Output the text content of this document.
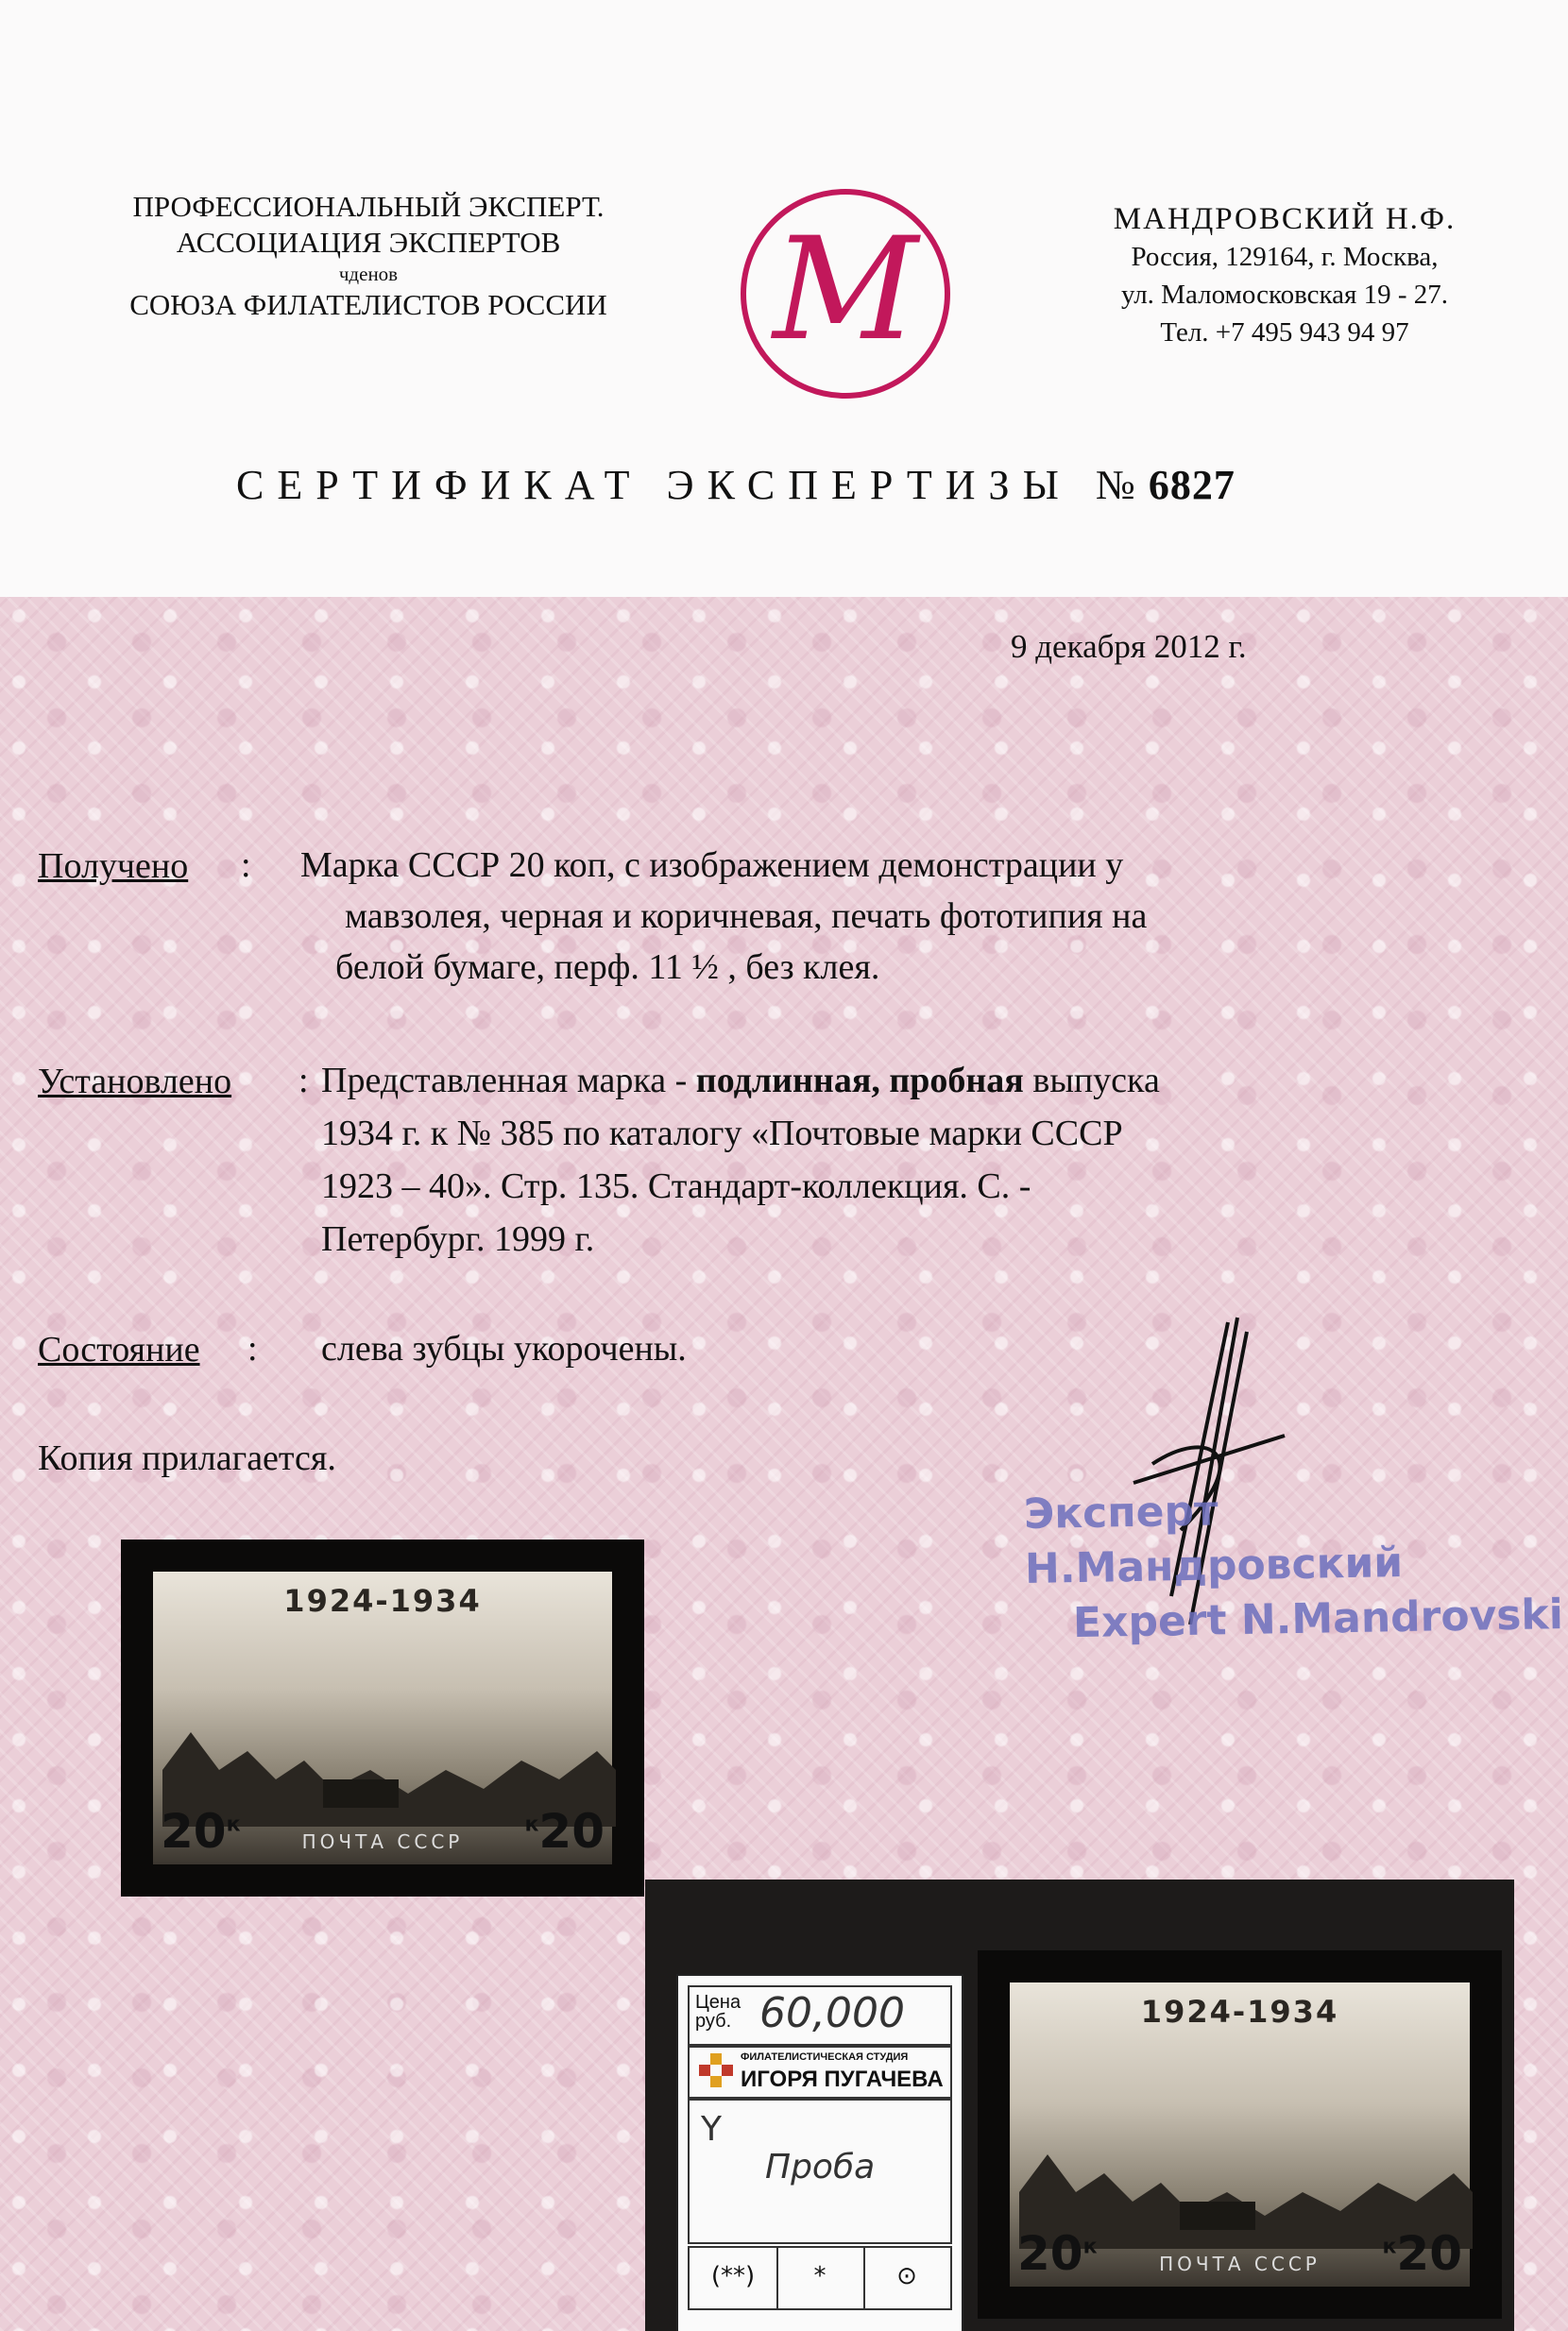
ПРОФЕССИОНАЛЬНЫЙ ЭКСПЕРТ.
АССОЦИАЦИЯ ЭКСПЕРТОВ
чденов
СОЮЗА ФИЛАТЕЛИСТОВ РОССИИ	М	МАНДРОВСКИЙ Н.Ф.
Россия, 129164, г. Москва,
ул. Маломосковская 19 - 27.
Тел. +7 495 943 94 97
СЕРТИФИКАТ ЭКСПЕРТИЗЫ №6827
9 декабря 2012 г.
Получено : Марка СССР 20 коп, с изображением демонстрации у
мавзолея, черная и коричневая, печать фототипия на
белой бумаге, перф. 11 ½ , без клея.
Установлено : Представленная марка - подлинная, пробная выпуска
1934 г. к № 385 по каталогу «Почтовые марки СССР
1923 – 40». Стр. 135. Стандарт-коллекция. С. -
Петербург. 1999 г.
Состояние : слева зубцы укорочены.
Копия прилагается.
Эксперт Н.Мандровский
Expert N.Mandrovski
1924-1934
$20^к$
ПОЧТА СССР
$^к$20
Цена
руб. 60,000
ФИЛАТЕЛИСТИЧЕСКАЯ СТУДИЯ
ИГОРЯ ПУГАЧЕВА
Y
Проба
(**)	*	⊙
1924-1934
$20^к$
ПОЧТА СССР
$^к$20
